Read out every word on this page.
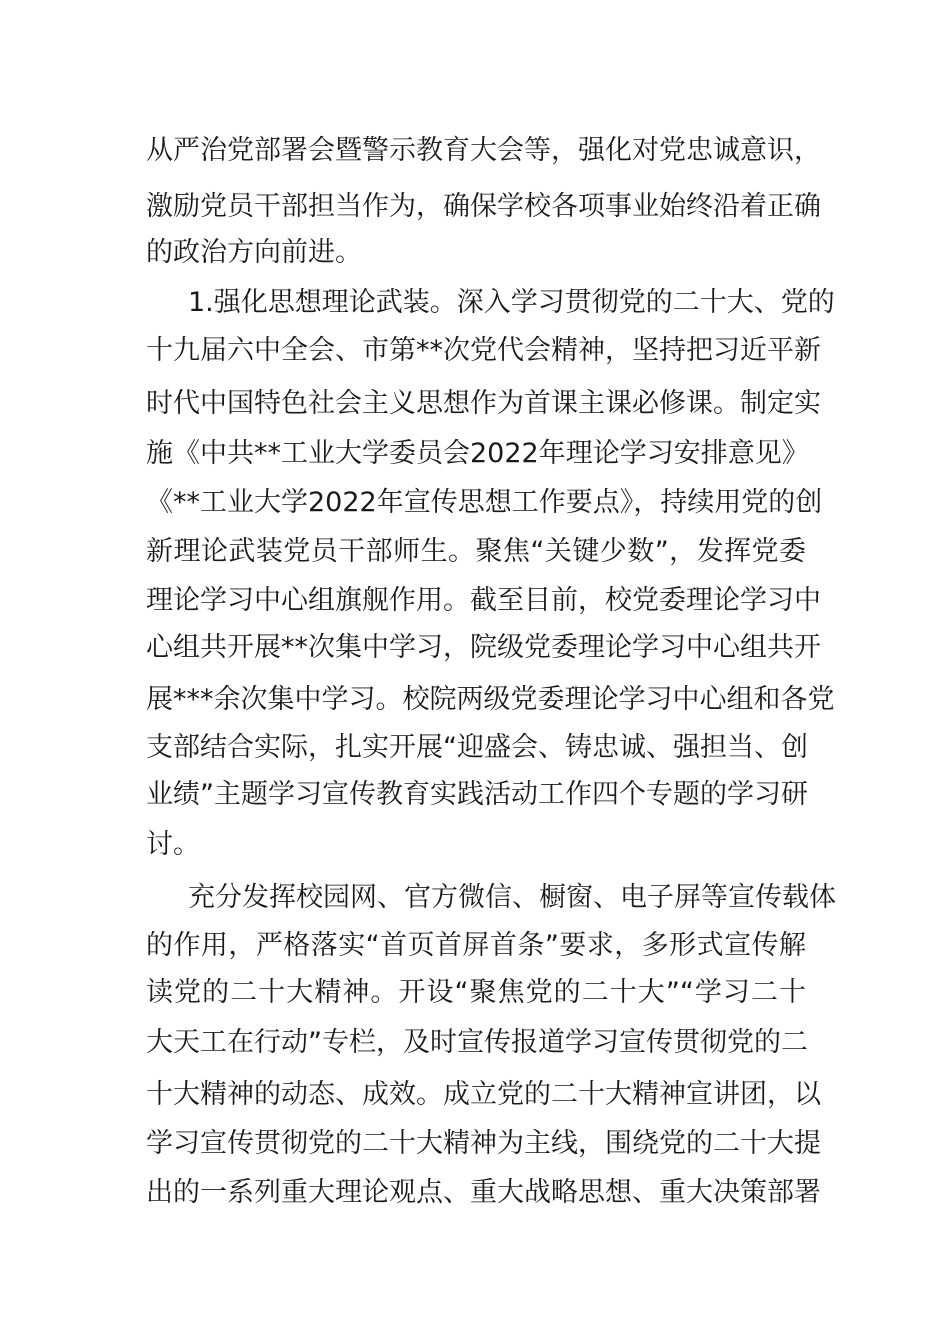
从严治党部署会暨警示教育大会等，强化对党忠诚意识，
激励党员干部担当作为，确保学校各项事业始终沿着正确
的政治方向前进。
1.强化思想理论武装。深入学习贯彻党的二十大、党的
十九届六中全会、市第**次党代会精神，坚持把习近平新
时代中国特色社会主义思想作为首课主课必修课。制定实
施《中共**工业大学委员会2022年理论学习安排意见》
《**工业大学2022年宣传思想工作要点》，持续用党的创
新理论武装党员干部师生。聚焦“关键少数”，发挥党委
理论学习中心组旗舰作用。截至目前，校党委理论学习中
心组共开展**次集中学习，院级党委理论学习中心组共开
展***余次集中学习。校院两级党委理论学习中心组和各党
支部结合实际，扎实开展“迎盛会、铸忠诚、强担当、创
业绩”主题学习宣传教育实践活动工作四个专题的学习研
讨。
充分发挥校园网、官方微信、橱窗、电子屏等宣传载体
的作用，严格落实“首页首屏首条”要求，多形式宣传解
读党的二十大精神。开设“聚焦党的二十大”“学习二十
大天工在行动”专栏，及时宣传报道学习宣传贯彻党的二
十大精神的动态、成效。成立党的二十大精神宣讲团，以
学习宣传贯彻党的二十大精神为主线，围绕党的二十大提
出的一系列重大理论观点、重大战略思想、重大决策部署
